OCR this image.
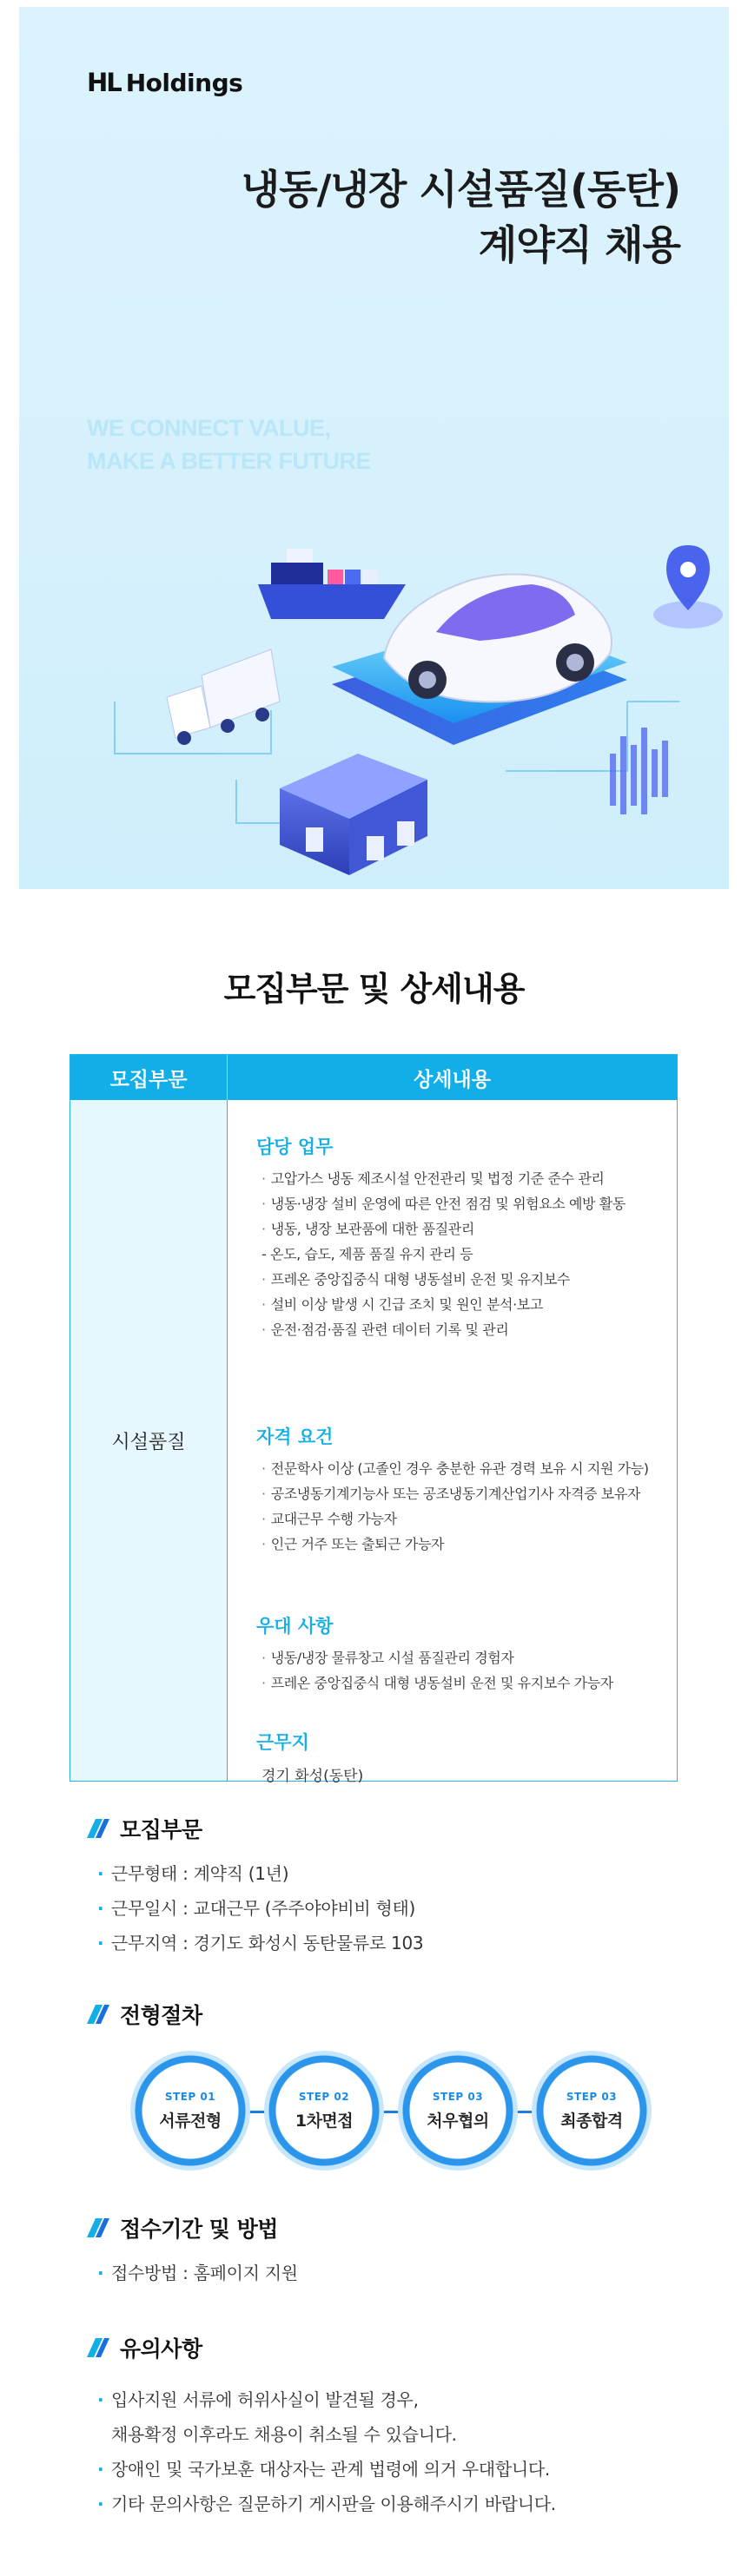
HL Holdings
냉동/냉장 시설품질(동탄)
계약직 채용
WE CONNECT VALUE,
MAKE A BETTER FUTURE
모집부문 및 상세내용
모집부문	상세내용
시설품질
담당 업무
· 고압가스 냉동 제조시설 안전관리 및 법정 기준 준수 관리
· 냉동·냉장 설비 운영에 따른 안전 점검 및 위험요소 예방 활동
· 냉동, 냉장 보관품에 대한 품질관리
- 온도, 습도, 제품 품질 유지 관리 등
· 프레온 중앙집중식 대형 냉동설비 운전 및 유지보수
· 설비 이상 발생 시 긴급 조치 및 원인 분석·보고
· 운전·점검·품질 관련 데이터 기록 및 관리
자격 요건
· 전문학사 이상 (고졸인 경우 충분한 유관 경력 보유 시 지원 가능)
· 공조냉동기계기능사 또는 공조냉동기계산업기사 자격증 보유자
· 교대근무 수행 가능자
· 인근 거주 또는 출퇴근 가능자
우대 사항
· 냉동/냉장 물류창고 시설 품질관리 경험자
· 프레온 중앙집중식 대형 냉동설비 운전 및 유지보수 가능자
근무지
경기 화성(동탄)
모집부문
· 근무형태 : 계약직 (1년)
· 근무일시 : 교대근무 (주주야야비비 형태)
· 근무지역 : 경기도 화성시 동탄물류로 103
전형절차
STEP 01
서류전형
STEP 02
1차면접
STEP 03
처우협의
STEP 03
최종합격
접수기간 및 방법
· 접수방법 : 홈페이지 지원
유의사항
· 입사지원 서류에 허위사실이 발견될 경우,
채용확정 이후라도 채용이 취소될 수 있습니다.
· 장애인 및 국가보훈 대상자는 관계 법령에 의거 우대합니다.
· 기타 문의사항은 질문하기 게시판을 이용해주시기 바랍니다.
